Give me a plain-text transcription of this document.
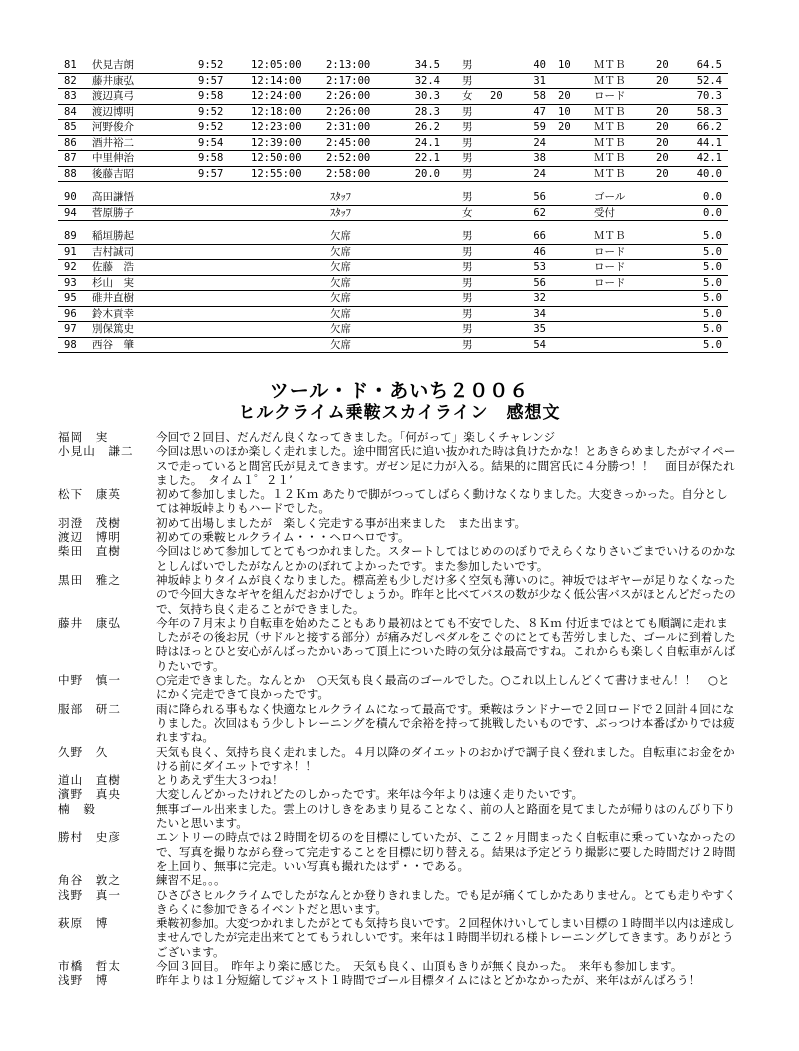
81 伏見吉朗	9:52	12:05:00 2:13:00	34.5 男	40 10 ＭＴＢ	20	64.5
82 藤井康弘	9:57	12:14:00 2:17:00	32.4 男	31	ＭＴＢ	20	52.4
83 渡辺真弓	9:58	12:24:00 2:26:00	30.3 女 20	58 20 ロード	70.3
84 渡辺博明	9:52	12:18:00 2:26:00	28.3 男	47 10 ＭＴＢ	20	58.3
85 河野俊介	9:52	12:23:00 2:31:00	26.2 男	59 20 ＭＴＢ	20	66.2
86 酒井裕二	9:54	12:39:00 2:45:00	24.1 男	24	ＭＴＢ	20	44.1
87 中里伸治	9:58	12:50:00 2:52:00	22.1 男	38	ＭＴＢ	20	42.1
88 後藤吉昭	9:57	12:55:00 2:58:00	20.0 男	24	ＭＴＢ	20	40.0
90 高田謙悟	ｽﾀｯﾌ	男	56	ゴール	0.0
94 菅原勝子	ｽﾀｯﾌ	女	62	受付	0.0
89 稲垣勝起	欠席	男	66	ＭＴＢ	5.0
91 吉村誠司	欠席	男	46	ロード	5.0
92 佐藤　浩	欠席	男	53	ロード	5.0
93 杉山　実	欠席	男	56	ロード	5.0
95 碓井直樹	欠席	男	32	5.0
96 鈴木貢幸	欠席	男	34	5.0
97 別保篤史	欠席	男	35	5.0
98 西谷　肇	欠席	男	54	5.0
ツール・ド・あいち２００６
ヒルクライム乗鞍スカイライン　感想文
福岡　実	今回で２回目、だんだん良くなってきました。「何がって」楽しくチャレンジ
小見山　謙二	今回は思いのほか楽しく走れました。途中間宮氏に追い抜かれた時は負けたかな！とあきらめましたがマイペースで走っていると間宮氏が見えてきます。ガゼン足に力が入る。結果的に間宮氏に４分勝つ！！　面目が保たれました。　タイム１゜２１’
松下　康英	初めて参加しました。１２Ｋｍ あたりで脚がつってしばらく動けなくなりました。大変きっかった。自分としては神坂峠よりもハードでした。
羽澄　茂樹	初めて出場しましたが　楽しく完走する事が出来ました　また出ます。
渡辺　博明	初めての乗鞍ヒルクライム・・・ヘロヘロです。
柴田　直樹	今回はじめて参加してとてもつかれました。スタートしてはじめののぼりでえらくなりさいごまでいけるのかなとしんぱいでしたがなんとかのぼれてよかったです。また参加したいです。
黒田　雅之	神坂峠よりタイムが良くなりました。標高差も少しだけ多く空気も薄いのに。神坂ではギヤーが足りなくなったので今回大きなギヤを組んだおかげでしょうか。昨年と比べてバスの数が少なく低公害バスがほとんどだったので、気持ち良く走ることができました。
藤井　康弘	今年の７月末より自転車を始めたこともあり最初はとても不安でした、８Ｋｍ 付近まではとても順調に走れましたがその後お尻（サドルと接する部分）が痛みだしペダルをこぐのにとても苦労しました、ゴールに到着した時はほっとひと安心がんばったかいあって頂上についた時の気分は最高ですね。これからも楽しく自転車がんばりたいです。
中野　慎一	○完走できました。なんとか　○天気も良く最高のゴールでした。○これ以上しんどくて書けません！！　○とにかく完走できて良かったです。
服部　研二	雨に降られる事もなく快適なヒルクライムになって最高です。乗鞍はランドナーで２回ロードで２回計４回になりました。次回はもう少しトレーニングを積んで余裕を持って挑戦したいものです、ぶっつけ本番ばかりでは疲れますね。
久野　久	天気も良く、気持ち良く走れました。４月以降のダイエットのおかげで調子良く登れました。自転車にお金をかける前にダイエットですネ！！
道山　直樹	とりあえず生大３つね！
濱野　真央	大変しんどかったけれどたのしかったです。来年は今年よりは速く走りたいです。
楠　毅	無事ゴール出来ました。雲上のけしきをあまり見ることなく、前の人と路面を見てましたが帰りはのんびり下りたいと思います。
勝村　史彦	エントリーの時点では２時間を切るのを目標にしていたが、ここ２ヶ月間まったく自転車に乗っていなかったので、写真を撮りながら登って完走することを目標に切り替える。結果は予定どうり撮影に要した時間だけ２時間を上回り、無事に完走。いい写真も撮れたはず・・である。
角谷　敦之	練習不足。。。
浅野　真一	ひさびさヒルクライムでしたがなんとか登りきれました。でも足が痛くてしかたありません。とても走りやすくきらくに参加できるイベントだと思います。
萩原　博	乗鞍初参加。大変つかれましたがとても気持ち良いです。２回程休けいしてしまい目標の１時間半以内は達成しませんでしたが完走出来てとてもうれしいです。来年は１時間半切れる様トレーニングしてきます。ありがとうございます。
市橋　哲太	今回３回目。　昨年より楽に感じた。　天気も良く、山頂もきりが無く良かった。　来年も参加します。
浅野　博	昨年よりは１分短縮してジャスト１時間でゴール目標タイムにはとどかなかったが、来年はがんばろう！
